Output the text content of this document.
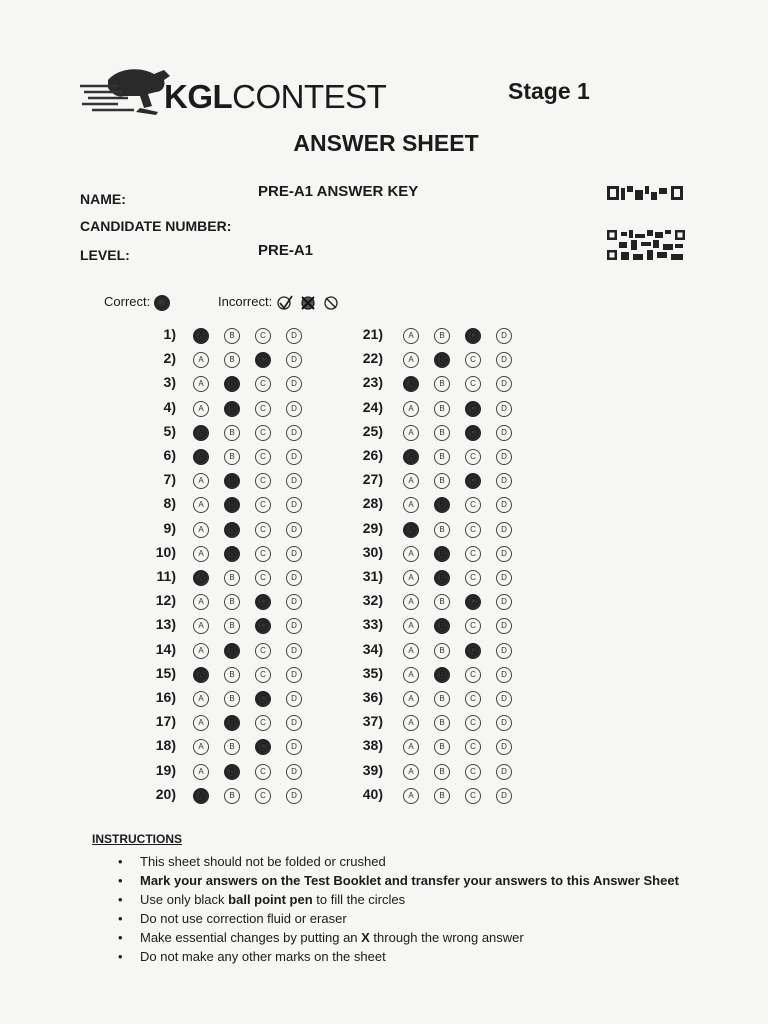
KGLCONTEST	Stage 1
ANSWER SHEET
NAME:	PRE-A1 ANSWER KEY
CANDIDATE NUMBER:
LEVEL:	PRE-A1
Correct:	Incorrect:
1)	A	B	C	D
2)	A	B	C	D
3)	A	B	C	D
4)	A	B	C	D
5)	A	B	C	D
6)	A	B	C	D
7)	A	B	C	D
8)	A	B	C	D
9)	A	B	C	D
10)	A	B	C	D
11)	A	B	C	D
12)	A	B	C	D
13)	A	B	C	D
14)	A	B	C	D
15)	A	B	C	D
16)	A	B	C	D
17)	A	B	C	D
18)	A	B	C	D
19)	A	B	C	D
20)	A	B	C	D
21)	A	B	C	D
22)	A	B	C	D
23)	A	B	C	D
24)	A	B	C	D
25)	A	B	C	D
26)	A	B	C	D
27)	A	B	C	D
28)	A	B	C	D
29)	A	B	C	D
30)	A	B	C	D
31)	A	B	C	D
32)	A	B	C	D
33)	A	B	C	D
34)	A	B	C	D
35)	A	B	C	D
36)	A	B	C	D
37)	A	B	C	D
38)	A	B	C	D
39)	A	B	C	D
40)	A	B	C	D
INSTRUCTIONS
• This sheet should not be folded or crushed
• Mark your answers on the Test Booklet and transfer your answers to this Answer Sheet
• Use only black ball point pen to fill the circles
• Do not use correction fluid or eraser
• Make essential changes by putting an X through the wrong answer
• Do not make any other marks on the sheet
